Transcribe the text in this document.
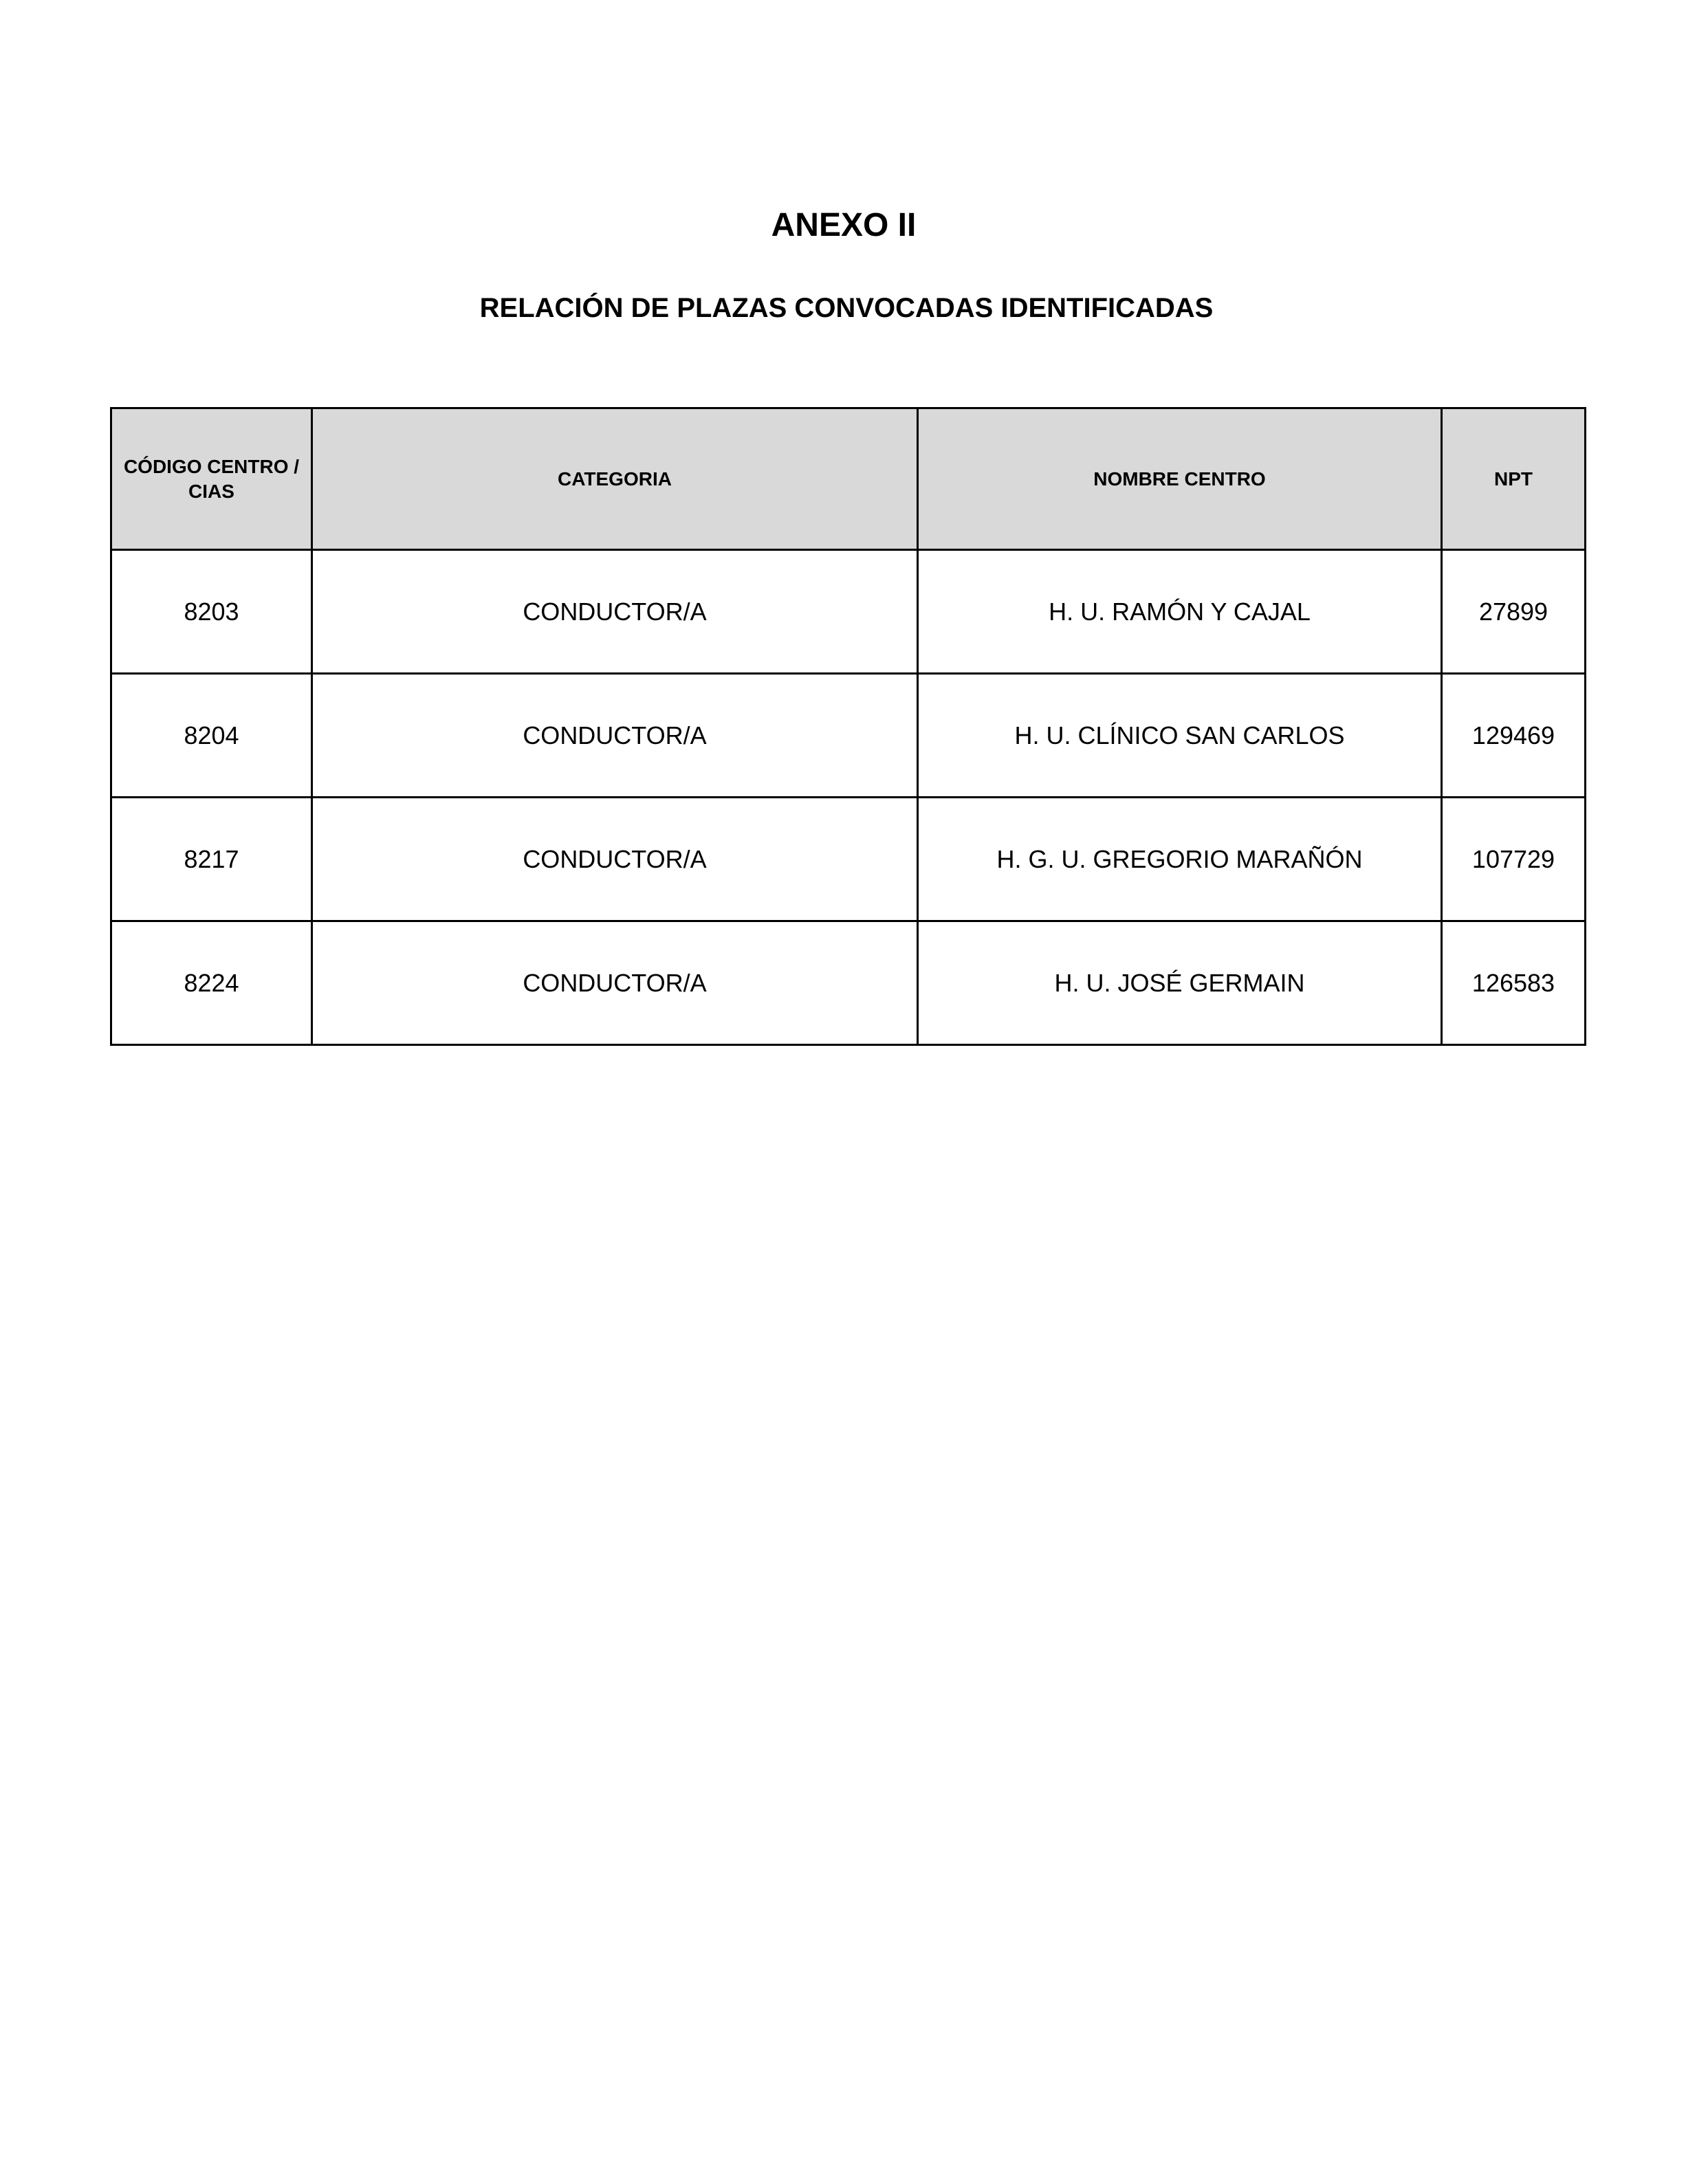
ANEXO II
RELACIÓN DE PLAZAS CONVOCADAS IDENTIFICADAS
CÓDIGO CENTRO / CIAS	CATEGORIA	NOMBRE CENTRO	NPT
8203	CONDUCTOR/A	H. U. RAMÓN Y CAJAL	27899
8204	CONDUCTOR/A	H. U. CLÍNICO SAN CARLOS	129469
8217	CONDUCTOR/A	H. G. U. GREGORIO MARAÑÓN	107729
8224	CONDUCTOR/A	H. U. JOSÉ GERMAIN	126583
